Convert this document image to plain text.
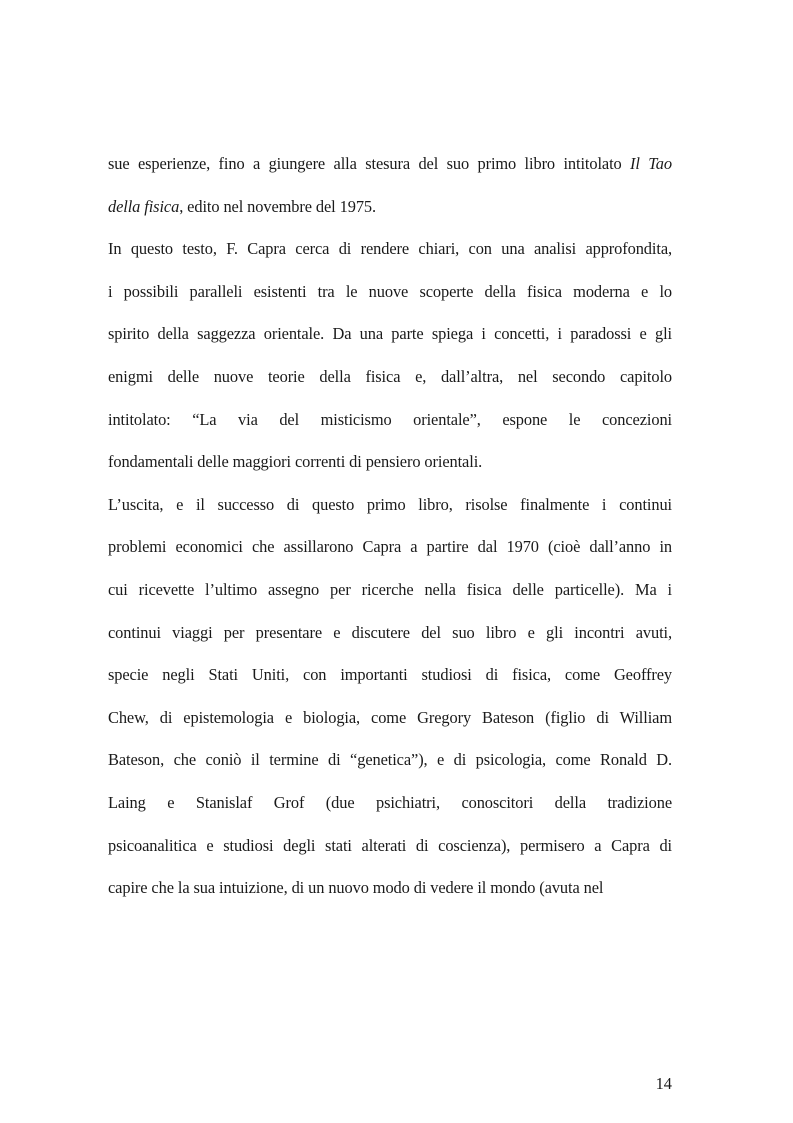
sue esperienze, fino a giungere alla stesura del suo primo libro intitolato Il Tao
della fisica, edito nel novembre del 1975.
In questo testo, F. Capra cerca di rendere chiari, con una analisi approfondita,
i possibili paralleli esistenti tra le nuove scoperte della fisica moderna e lo
spirito della saggezza orientale. Da una parte spiega i concetti, i paradossi e gli
enigmi delle nuove teorie della fisica e, dall’altra, nel secondo capitolo
intitolato: “La via del misticismo orientale”, espone le concezioni
fondamentali delle maggiori correnti di pensiero orientali.
L’uscita, e il successo di questo primo libro, risolse finalmente i continui
problemi economici che assillarono Capra a partire dal 1970 (cioè dall’anno in
cui ricevette l’ultimo assegno per ricerche nella fisica delle particelle). Ma i
continui viaggi per presentare e discutere del suo libro e gli incontri avuti,
specie negli Stati Uniti, con importanti studiosi di fisica, come Geoffrey
Chew, di epistemologia e biologia, come Gregory Bateson (figlio di William
Bateson, che coniò il termine di “genetica”), e di psicologia, come Ronald D.
Laing e Stanislaf Grof (due psichiatri, conoscitori della tradizione
psicoanalitica e studiosi degli stati alterati di coscienza), permisero a Capra di
capire che la sua intuizione, di un nuovo modo di vedere il mondo (avuta nel
14
